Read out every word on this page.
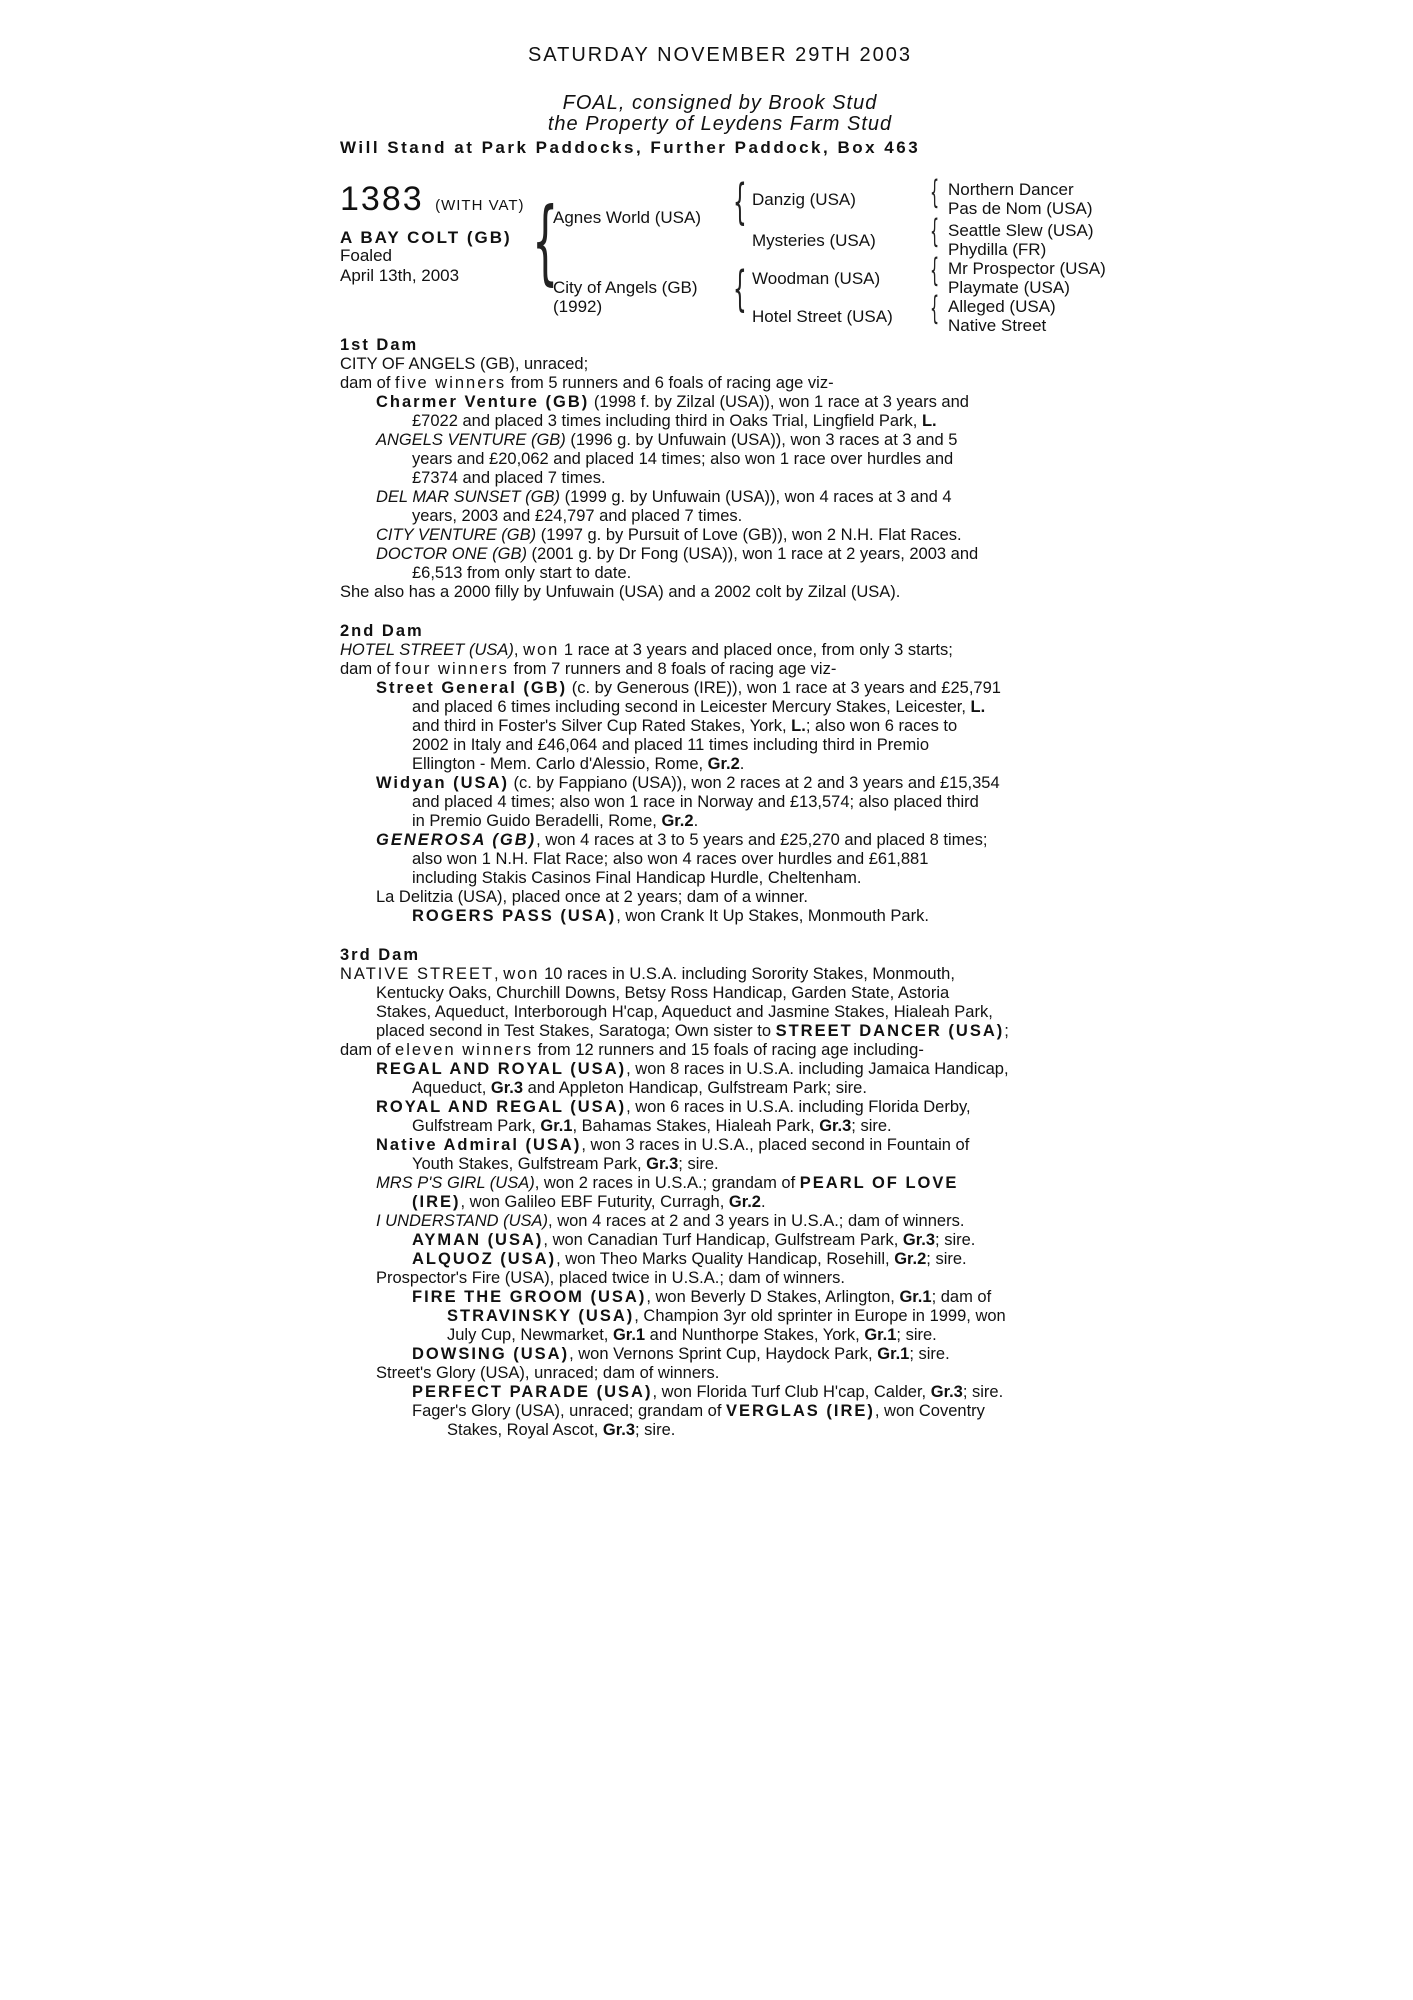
SATURDAY NOVEMBER 29TH 2003
FOAL, consigned by Brook Stud
the Property of Leydens Farm Stud
Will Stand at Park Paddocks, Further Paddock, Box 463
1383 (WITH VAT)
A BAY COLT (GB)
Foaled
April 13th, 2003 {
Agnes World (USA)
City of Angels (GB)
(1992)
{
{
Danzig (USA)
Mysteries (USA)
Woodman (USA)
Hotel Street (USA)
{
{
{
{
Northern Dancer
Pas de Nom (USA)
Seattle Slew (USA)
Phydilla (FR)
Mr Prospector (USA)
Playmate (USA)
Alleged (USA)
Native Street
1st Dam
CITY OF ANGELS (GB), unraced;
dam of five winners from 5 runners and 6 foals of racing age viz-
Charmer Venture (GB) (1998 f. by Zilzal (USA)), won 1 race at 3 years and
£7022 and placed 3 times including third in Oaks Trial, Lingfield Park, L.
ANGELS VENTURE (GB) (1996 g. by Unfuwain (USA)), won 3 races at 3 and 5
years and £20,062 and placed 14 times; also won 1 race over hurdles and
£7374 and placed 7 times.
DEL MAR SUNSET (GB) (1999 g. by Unfuwain (USA)), won 4 races at 3 and 4
years, 2003 and £24,797 and placed 7 times.
CITY VENTURE (GB) (1997 g. by Pursuit of Love (GB)), won 2 N.H. Flat Races.
DOCTOR ONE (GB) (2001 g. by Dr Fong (USA)), won 1 race at 2 years, 2003 and
£6,513 from only start to date.
She also has a 2000 filly by Unfuwain (USA) and a 2002 colt by Zilzal (USA).
2nd Dam
HOTEL STREET (USA), won 1 race at 3 years and placed once, from only 3 starts;
dam of four winners from 7 runners and 8 foals of racing age viz-
Street General (GB) (c. by Generous (IRE)), won 1 race at 3 years and £25,791
and placed 6 times including second in Leicester Mercury Stakes, Leicester, L.
and third in Foster's Silver Cup Rated Stakes, York, L.; also won 6 races to
2002 in Italy and £46,064 and placed 11 times including third in Premio
Ellington - Mem. Carlo d'Alessio, Rome, Gr.2.
Widyan (USA) (c. by Fappiano (USA)), won 2 races at 2 and 3 years and £15,354
and placed 4 times; also won 1 race in Norway and £13,574; also placed third
in Premio Guido Beradelli, Rome, Gr.2.
GENEROSA (GB), won 4 races at 3 to 5 years and £25,270 and placed 8 times;
also won 1 N.H. Flat Race; also won 4 races over hurdles and £61,881
including Stakis Casinos Final Handicap Hurdle, Cheltenham.
La Delitzia (USA), placed once at 2 years; dam of a winner.
ROGERS PASS (USA), won Crank It Up Stakes, Monmouth Park.
3rd Dam
NATIVE STREET, won 10 races in U.S.A. including Sorority Stakes, Monmouth,
Kentucky Oaks, Churchill Downs, Betsy Ross Handicap, Garden State, Astoria
Stakes, Aqueduct, Interborough H'cap, Aqueduct and Jasmine Stakes, Hialeah Park,
placed second in Test Stakes, Saratoga; Own sister to STREET DANCER (USA);
dam of eleven winners from 12 runners and 15 foals of racing age including-
REGAL AND ROYAL (USA), won 8 races in U.S.A. including Jamaica Handicap,
Aqueduct, Gr.3 and Appleton Handicap, Gulfstream Park; sire.
ROYAL AND REGAL (USA), won 6 races in U.S.A. including Florida Derby,
Gulfstream Park, Gr.1, Bahamas Stakes, Hialeah Park, Gr.3; sire.
Native Admiral (USA), won 3 races in U.S.A., placed second in Fountain of
Youth Stakes, Gulfstream Park, Gr.3; sire.
MRS P'S GIRL (USA), won 2 races in U.S.A.; grandam of PEARL OF LOVE
(IRE), won Galileo EBF Futurity, Curragh, Gr.2.
I UNDERSTAND (USA), won 4 races at 2 and 3 years in U.S.A.; dam of winners.
AYMAN (USA), won Canadian Turf Handicap, Gulfstream Park, Gr.3; sire.
ALQUOZ (USA), won Theo Marks Quality Handicap, Rosehill, Gr.2; sire.
Prospector's Fire (USA), placed twice in U.S.A.; dam of winners.
FIRE THE GROOM (USA), won Beverly D Stakes, Arlington, Gr.1; dam of
STRAVINSKY (USA), Champion 3yr old sprinter in Europe in 1999, won
July Cup, Newmarket, Gr.1 and Nunthorpe Stakes, York, Gr.1; sire.
DOWSING (USA), won Vernons Sprint Cup, Haydock Park, Gr.1; sire.
Street's Glory (USA), unraced; dam of winners.
PERFECT PARADE (USA), won Florida Turf Club H'cap, Calder, Gr.3; sire.
Fager's Glory (USA), unraced; grandam of VERGLAS (IRE), won Coventry
Stakes, Royal Ascot, Gr.3; sire.
